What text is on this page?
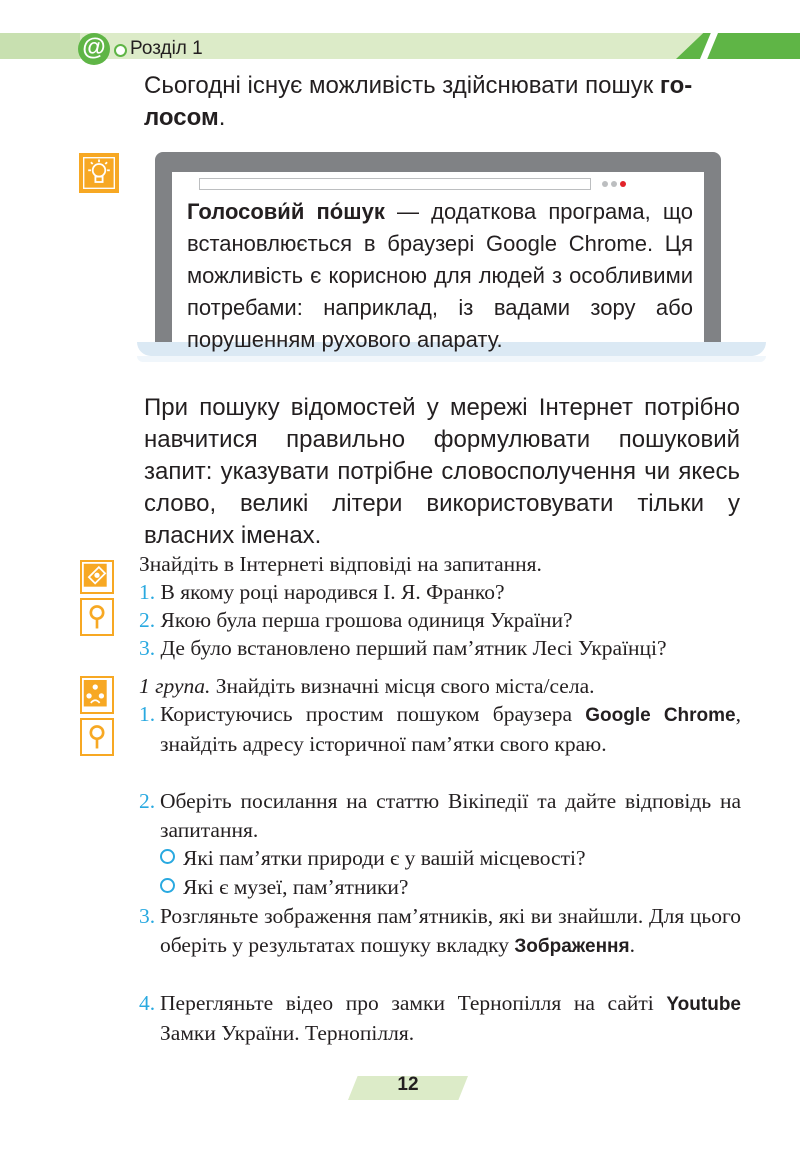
@ Розділ 1
Сьогодні існує можливість здійснювати пошук го-
лосом.
Голосови́й по́шук — додаткова програма, що встановлюється в браузері Google Chrome. Ця можливість є корисною для людей з особливими потребами: наприклад, із вадами зору або порушенням рухового апарату.
При пошуку відомостей у мережі Інтернет потрібно навчитися правильно формулювати пошуковий запит: указувати потрібне словосполучення чи якесь слово, великі літери використовувати тільки у власних іменах.
Знайдіть в Інтернеті відповіді на запитання.
1. В якому році народився І. Я. Франко?
2. Якою була перша грошова одиниця України?
3. Де було встановлено перший пам’ятник Лесі Українці?
1 група. Знайдіть визначні місця свого міста/села.
1. Користуючись простим пошуком браузера Google Chrome, знайдіть адресу історичної пам’ятки свого краю.
2. Оберіть посилання на статтю Вікіпедії та дайте відповідь на запитання.
Які пам’ятки природи є у вашій місцевості?
Які є музеї, пам’ятники?
3. Розгляньте зображення пам’ятників, які ви знайшли. Для цього оберіть у результатах пошуку вкладку Зображення.
4. Перегляньте відео про замки Тернопілля на сайті Youtube Замки України. Тернопілля.
12
